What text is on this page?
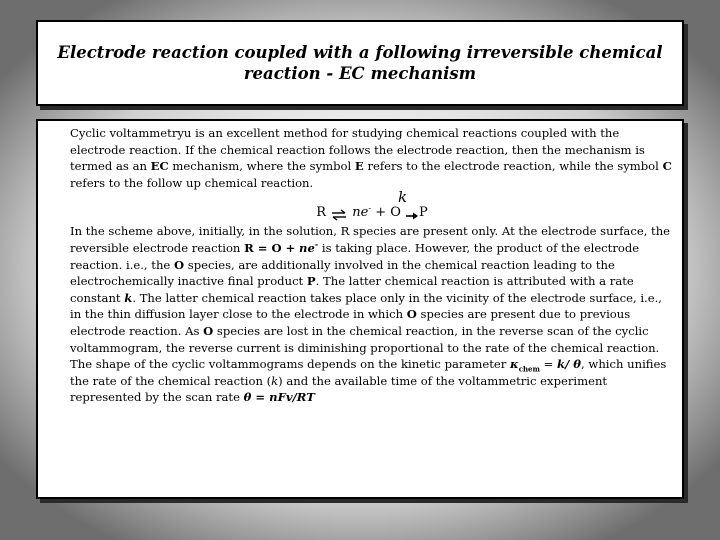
Electrode reaction coupled with a following irreversible chemical
reaction - EC mechanism

Cyclic voltammetryu is an excellent method for studying chemical reactions coupled with the electrode reaction. If the chemical reaction follows the electrode reaction, then the mechanism is termed as an EC mechanism, where the symbol E refers to the electrode reaction, while the symbol C refers to the follow up chemical reaction.

R
⇌
ne- + O
P
k

In the scheme above, initially, in the solution, R species are present only. At the electrode surface, the reversible electrode reaction R = O + ne- is taking place. However, the product of the electrode reaction. i.e., the O species, are additionally involved in the chemical reaction leading to the electrochemically inactive final product P. The latter chemical reaction is attributed with a rate constant k. The latter chemical reaction takes place only in the vicinity of the electrode surface, i.e., in the thin diffusion layer close to the electrode in which O species are present due to previous electrode reaction. As O species are lost in the chemical reaction, in the reverse scan of the cyclic voltammogram, the reverse current is diminishing proportional to the rate of the chemical reaction. The shape of the cyclic voltammograms depends on the kinetic parameter $\kappa_{chem} = k/$ θ, which unifies the rate of the chemical reaction (k) and the available time of the voltammetric experiment represented by the scan rate θ = nFv/RT
